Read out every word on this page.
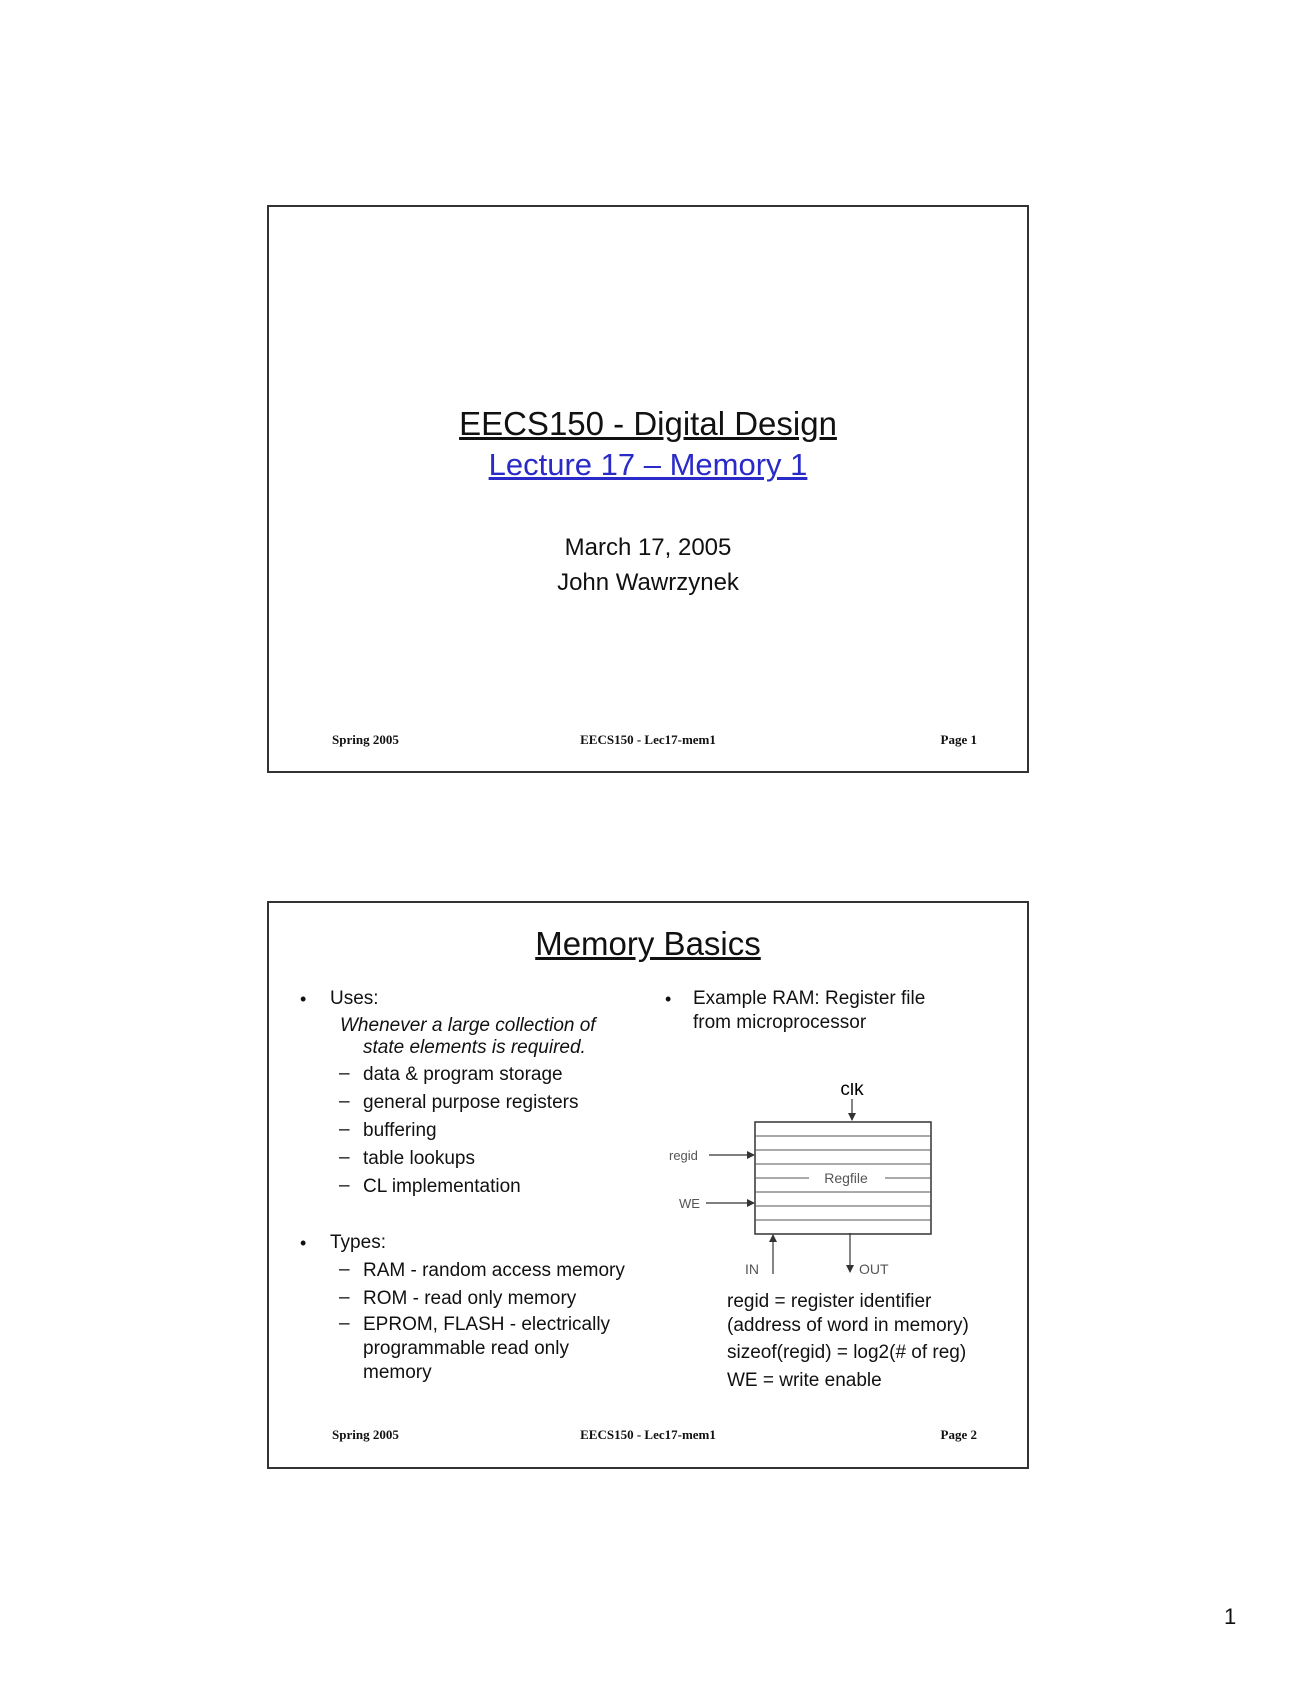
EECS150 - Digital Design
Lecture 17 – Memory 1
March 17, 2005
John Wawrzynek
Spring 2005	EECS150 - Lec17-mem1	Page 1
Memory Basics
• Uses:
Whenever a large collection of
state elements is required.
– data & program storage
– general purpose registers
– buffering
– table lookups
– CL implementation
• Types:
– RAM - random access memory
– ROM - read only memory
– EPROM, FLASH - electrically
programmable read only
memory
• Example RAM: Register file
from microprocessor
clk
Regfile
regid
WE
IN	OUT
regid = register identifier
(address of word in memory)
sizeof(regid) = log2(# of reg)
WE = write enable
Spring 2005	EECS150 - Lec17-mem1	Page 2
1
